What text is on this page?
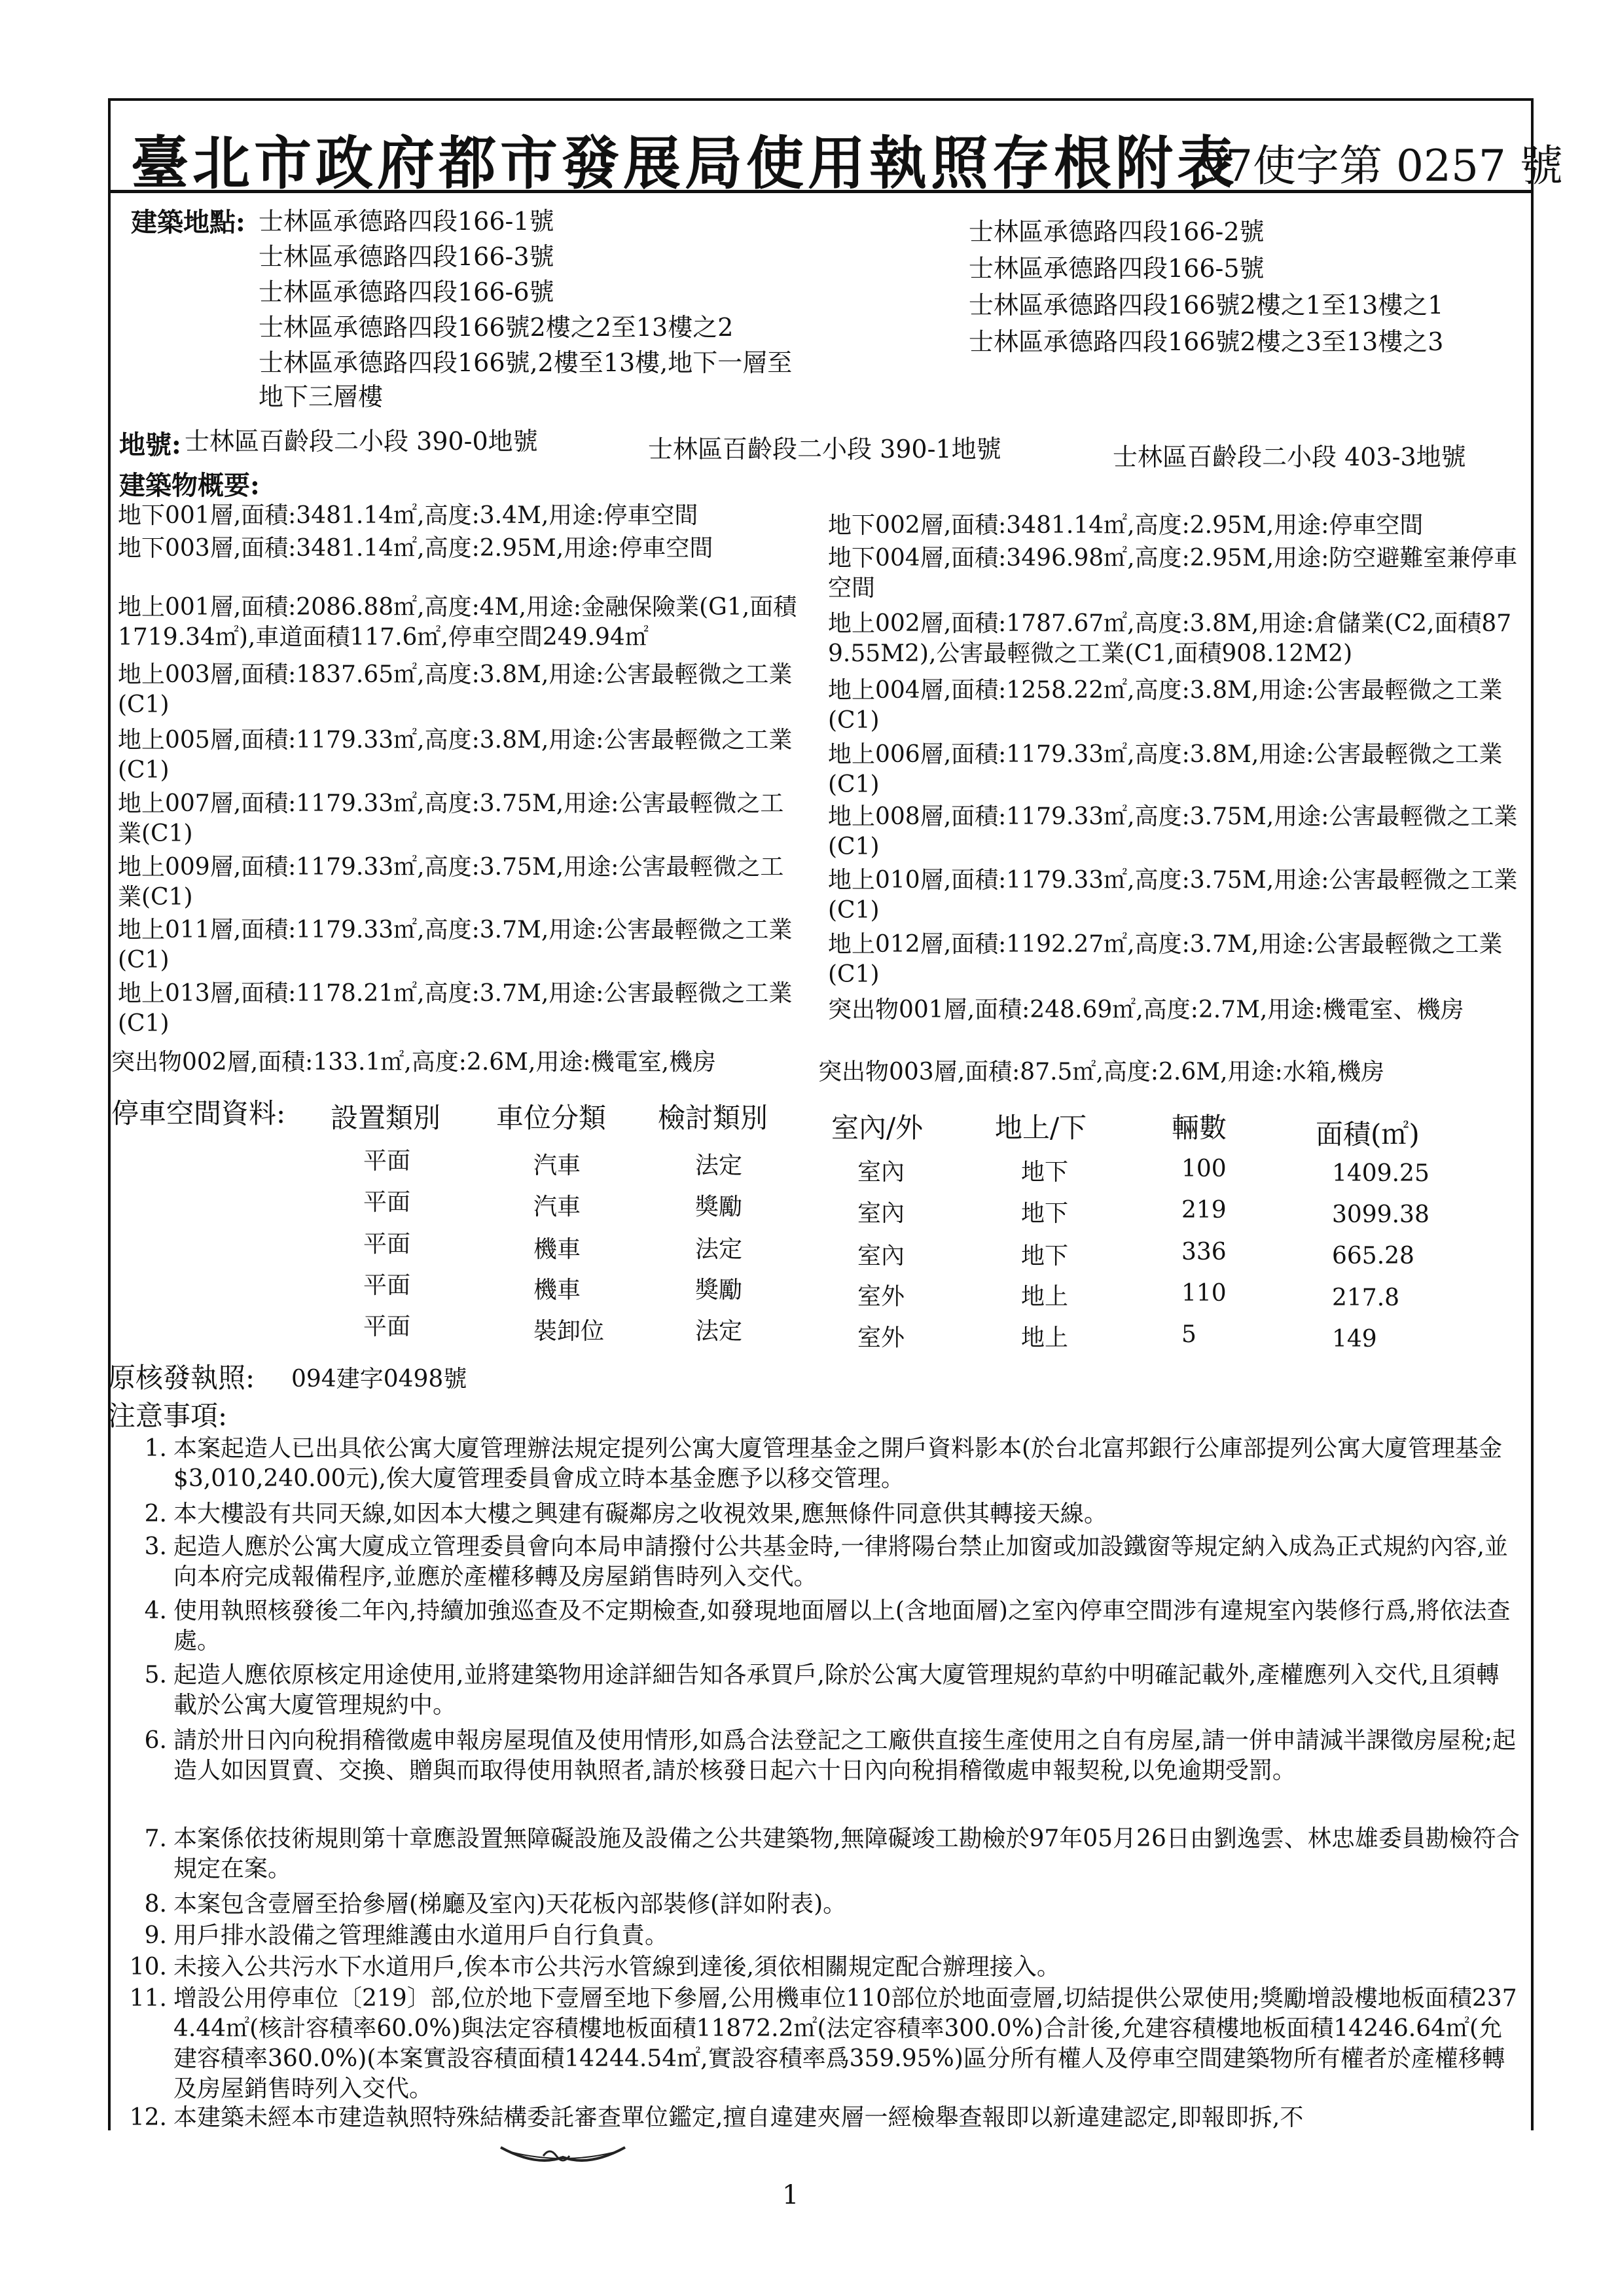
臺北市政府都市發展局使用執照存根附表
97使字第 0257 號
建築地點: 士林區承德路四段166-1號
士林區承德路四段166-3號
士林區承德路四段166-6號
士林區承德路四段166號2樓之2至13樓之2
士林區承德路四段166號,2樓至13樓,地下一層至
地下三層樓
士林區承德路四段166-2號
士林區承德路四段166-5號
士林區承德路四段166號2樓之1至13樓之1
士林區承德路四段166號2樓之3至13樓之3
地號: 士林區百齡段二小段 390-0地號	士林區百齡段二小段 390-1地號	士林區百齡段二小段 403-3地號
建築物概要:
地下001層,面積:3481.14㎡,高度:3.4M,用途:停車空間	地下002層,面積:3481.14㎡,高度:2.95M,用途:停車空間
地下003層,面積:3481.14㎡,高度:2.95M,用途:停車空間	地下004層,面積:3496.98㎡,高度:2.95M,用途:防空避難室兼停車空間
地上001層,面積:2086.88㎡,高度:4M,用途:金融保險業(G1,面積1719.34㎡),車道面積117.6㎡,停車空間249.94㎡
地上002層,面積:1787.67㎡,高度:3.8M,用途:倉儲業(C2,面積879.55M2),公害最輕微之工業(C1,面積908.12M2)
地上003層,面積:1837.65㎡,高度:3.8M,用途:公害最輕微之工業(C1)
地上004層,面積:1258.22㎡,高度:3.8M,用途:公害最輕微之工業(C1)
地上005層,面積:1179.33㎡,高度:3.8M,用途:公害最輕微之工業(C1)
地上006層,面積:1179.33㎡,高度:3.8M,用途:公害最輕微之工業(C1)
地上007層,面積:1179.33㎡,高度:3.75M,用途:公害最輕微之工業(C1)
地上008層,面積:1179.33㎡,高度:3.75M,用途:公害最輕微之工業(C1)
地上009層,面積:1179.33㎡,高度:3.75M,用途:公害最輕微之工業(C1)
地上010層,面積:1179.33㎡,高度:3.75M,用途:公害最輕微之工業(C1)
地上011層,面積:1179.33㎡,高度:3.7M,用途:公害最輕微之工業(C1)
地上012層,面積:1192.27㎡,高度:3.7M,用途:公害最輕微之工業(C1)
地上013層,面積:1178.21㎡,高度:3.7M,用途:公害最輕微之工業(C1)
突出物001層,面積:248.69㎡,高度:2.7M,用途:機電室、機房
突出物002層,面積:133.1㎡,高度:2.6M,用途:機電室,機房	突出物003層,面積:87.5㎡,高度:2.6M,用途:水箱,機房
停車空間資料: 設置類別 車位分類 檢討類別 室內/外	地上/下	輛數	面積(㎡)
平面	汽車	法定	室內	地下	100	1409.25
平面	汽車	獎勵	室內	地下	219	3099.38
平面	機車	法定	室內	地下	336	665.28
平面	機車	獎勵	室外	地上	110	217.8
平面	裝卸位	法定	室外	地上	5	149
原核發執照: 094建字0498號
注意事項:
1. 本案起造人已出具依公寓大廈管理辦法規定提列公寓大廈管理基金之開戶資料影本(於台北富邦銀行公庫部提列公寓大廈管理基金$3,010,240.00元),俟大廈管理委員會成立時本基金應予以移交管理。
2. 本大樓設有共同天線,如因本大樓之興建有礙鄰房之收視效果,應無條件同意供其轉接天線。
3. 起造人應於公寓大廈成立管理委員會向本局申請撥付公共基金時,一律將陽台禁止加窗或加設鐵窗等規定納入成為正式規約內容,並向本府完成報備程序,並應於產權移轉及房屋銷售時列入交代。
4. 使用執照核發後二年內,持續加強巡查及不定期檢查,如發現地面層以上(含地面層)之室內停車空間涉有違規室內裝修行爲,將依法查處。
5. 起造人應依原核定用途使用,並將建築物用途詳細告知各承買戶,除於公寓大廈管理規約草約中明確記載外,產權應列入交代,且須轉載於公寓大廈管理規約中。
6. 請於卅日內向稅捐稽徵處申報房屋現值及使用情形,如爲合法登記之工廠供直接生產使用之自有房屋,請一併申請減半課徵房屋稅;起造人如因買賣、交換、贈與而取得使用執照者,請於核發日起六十日內向稅捐稽徵處申報契稅,以免逾期受罰。
7. 本案係依技術規則第十章應設置無障礙設施及設備之公共建築物,無障礙竣工勘檢於97年05月26日由劉逸雲、林忠雄委員勘檢符合規定在案。
8. 本案包含壹層至拾參層(梯廳及室內)天花板內部裝修(詳如附表)。
9. 用戶排水設備之管理維護由水道用戶自行負責。
10. 未接入公共污水下水道用戶,俟本市公共污水管線到達後,須依相關規定配合辦理接入。
11. 增設公用停車位〔219〕部,位於地下壹層至地下參層,公用機車位110部位於地面壹層,切結提供公眾使用;獎勵增設樓地板面積2374.44㎡(核計容積率60.0%)與法定容積樓地板面積11872.2㎡(法定容積率300.0%)合計後,允建容積樓地板面積14246.64㎡(允建容積率360.0%)(本案實設容積面積14244.54㎡,實設容積率爲359.95%)區分所有權人及停車空間建築物所有權者於產權移轉及房屋銷售時列入交代。
12. 本建築未經本市建造執照特殊結構委託審查單位鑑定,擅自違建夾層一經檢舉查報即以新違建認定,即報即拆,不
1
